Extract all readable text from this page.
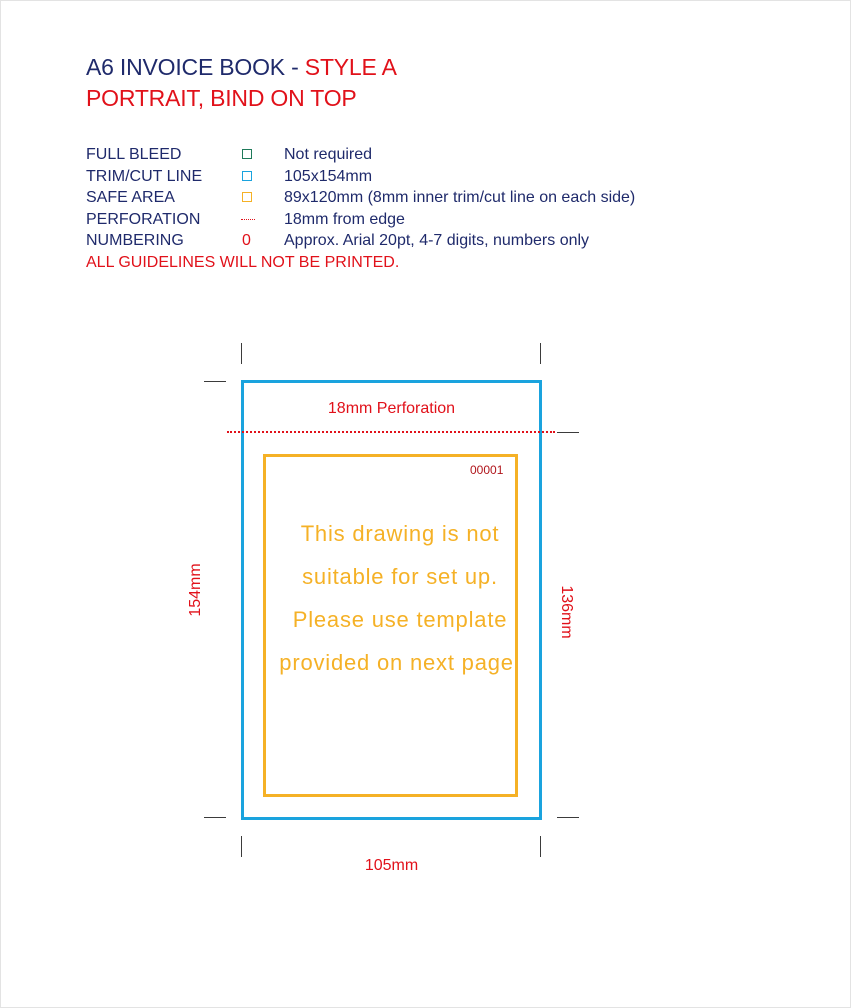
A6 INVOICE BOOK - STYLE A
PORTRAIT, BIND ON TOP
FULL BLEED	Not required
TRIM/CUT LINE	105x154mm
SAFE AREA	89x120mm (8mm inner trim/cut line on each side)
PERFORATION	18mm from edge
NUMBERING	0 Approx. Arial 20pt, 4-7 digits, numbers only
ALL GUIDELINES WILL NOT BE PRINTED.
18mm Perforation
00001
This drawing is not
suitable for set up.
Please use template
provided on next page.
105mm
154mm	136mm
